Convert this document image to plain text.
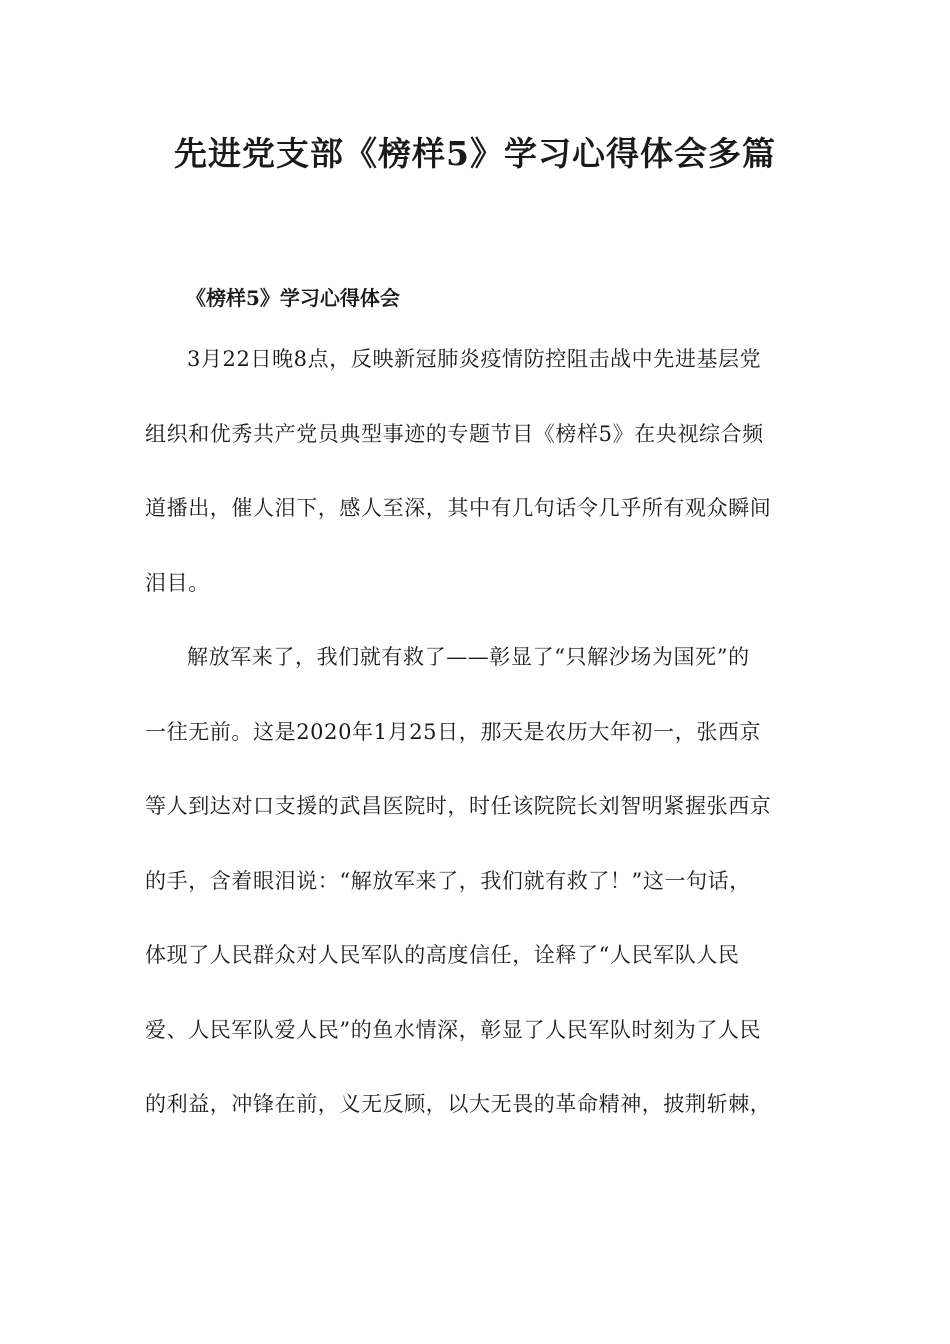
先进党支部《榜样5》学习心得体会多篇
《榜样5》学习心得体会
3月22日晚8点，反映新冠肺炎疫情防控阻击战中先进基层党
组织和优秀共产党员典型事迹的专题节目《榜样5》在央视综合频
道播出，催人泪下，感人至深，其中有几句话令几乎所有观众瞬间
泪目。
解放军来了，我们就有救了——彰显了“只解沙场为国死”的
一往无前。这是2020年1月25日，那天是农历大年初一，张西京
等人到达对口支援的武昌医院时，时任该院院长刘智明紧握张西京
的手，含着眼泪说：“解放军来了，我们就有救了！”这一句话，
体现了人民群众对人民军队的高度信任，诠释了“人民军队人民
爱、人民军队爱人民”的鱼水情深，彰显了人民军队时刻为了人民
的利益，冲锋在前，义无反顾，以大无畏的革命精神，披荆斩棘，
